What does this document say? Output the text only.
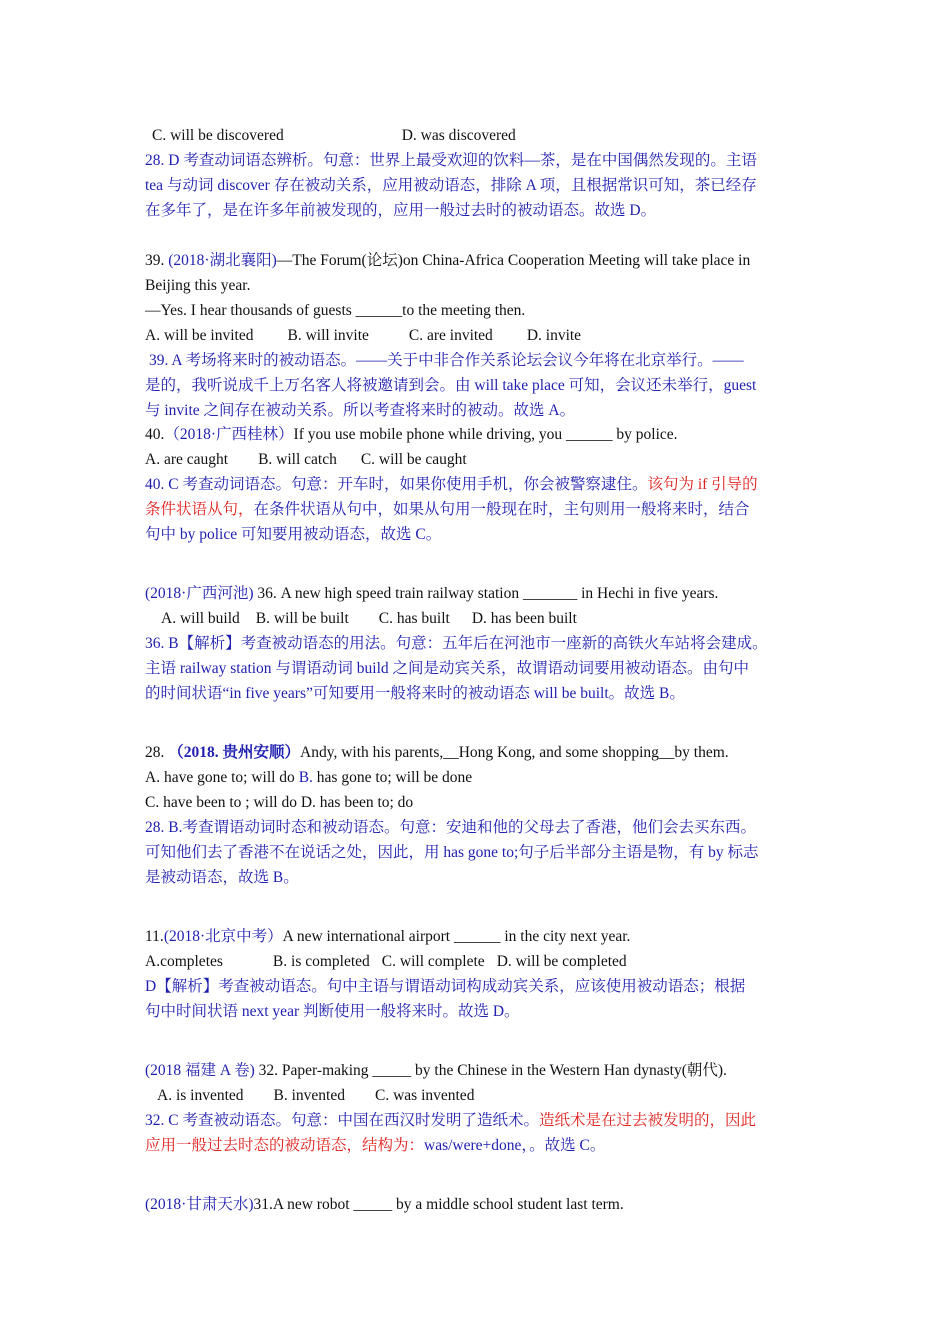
C. will be discovered	D. was discovered
28. D 考查动词语态辨析。句意：世界上最受欢迎的饮料—茶，是在中国偶然发现的。主语
tea 与动词 discover 存在被动关系，应用被动语态，排除 A 项，且根据常识可知，茶已经存
在多年了，是在许多年前被发现的，应用一般过去时的被动语态。故选 D。
39. (2018·湖北襄阳)—The Forum(论坛)on China-Africa Cooperation Meeting will take place in
Beijing this year.
—Yes. I hear thousands of guests ______to the meeting then.
A. will be invited B. will invite	C. are invited D. invite
39. A 考场将来时的被动语态。——关于中非合作关系论坛会议今年将在北京举行。——
是的，我听说成千上万名客人将被邀请到会。由 will take place 可知，会议还未举行，guest
与 invite 之间存在被动关系。所以考查将来时的被动。故选 A。
40.（2018·广西桂林）If you use mobile phone while driving, you ______ by police.
A. are caught B. will catch C. will be caught
40. C 考查动词语态。句意：开车时，如果你使用手机，你会被警察逮住。该句为 if 引导的
条件状语从句，在条件状语从句中，如果从句用一般现在时，主句则用一般将来时，结合
句中 by police 可知要用被动语态，故选 C。
(2018·广西河池) 36. A new high speed train railway station _______ in Hechi in five years.
A. will build B. will be built C. has built D. has been built
36. B【解析】考查被动语态的用法。句意：五年后在河池市一座新的高铁火车站将会建成。
主语 railway station 与谓语动词 build 之间是动宾关系，故谓语动词要用被动语态。由句中
的时间状语“in five years”可知要用一般将来时的被动语态 will be built。故选 B。
28. （2018. 贵州安顺）Andy, with his parents,__Hong Kong, and some shopping__by them.
A. have gone to; will do B. has gone to; will be done
C. have been to ; will do D. has been to; do
28. B.考查谓语动词时态和被动语态。句意：安迪和他的父母去了香港，他们会去买东西。
可知他们去了香港不在说话之处，因此，用 has gone to;句子后半部分主语是物，有 by 标志
是被动语态，故选 B。
11.(2018·北京中考）A new international airport ______ in the city next year.
A.completes	B. is completed C. will complete D. will be completed
D【解析】考查被动语态。句中主语与谓语动词构成动宾关系，应该使用被动语态；根据
句中时间状语 next year 判断使用一般将来时。故选 D。
(2018 福建 A 卷) 32. Paper-making _____ by the Chinese in the Western Han dynasty(朝代).
A. is invented B. invented C. was invented
32. C 考查被动语态。句意：中国在西汉时发明了造纸术。造纸术是在过去被发明的，因此
应用一般过去时态的被动语态，结构为：was/were+done，。故选 C。
(2018·甘肃天水)31.A new robot _____ by a middle school student last term.
